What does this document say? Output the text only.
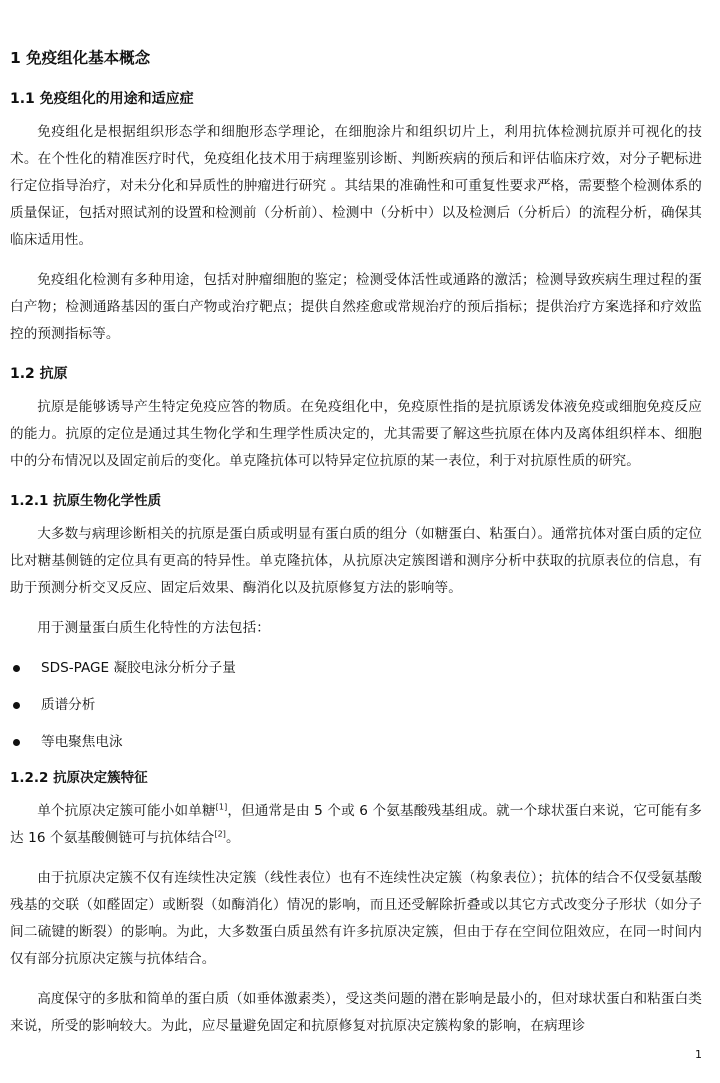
1 免疫组化基本概念
1.1 免疫组化的用途和适应症

免疫组化是根据组织形态学和细胞形态学理论，在细胞涂片和组织切片上，利用抗体检测抗原并可视化的技术。在个性化的精准医疗时代，免疫组化技术用于病理鉴别诊断、判断疾病的预后和评估临床疗效，对分子靶标进行定位指导治疗，对未分化和异质性的肿瘤进行研究 。其结果的准确性和可重复性要求严格，需要整个检测体系的质量保证，包括对照试剂的设置和检测前（分析前）、检测中（分析中）以及检测后（分析后）的流程分析，确保其临床适用性。

免疫组化检测有多种用途，包括对肿瘤细胞的鉴定；检测受体活性或通路的激活；检测导致疾病生理过程的蛋白产物；检测通路基因的蛋白产物或治疗靶点；提供自然痊愈或常规治疗的预后指标；提供治疗方案选择和疗效监控的预测指标等。

1.2 抗原

抗原是能够诱导产生特定免疫应答的物质。在免疫组化中，免疫原性指的是抗原诱发体液免疫或细胞免疫反应的能力。抗原的定位是通过其生物化学和生理学性质决定的，尤其需要了解这些抗原在体内及离体组织样本、细胞中的分布情况以及固定前后的变化。单克隆抗体可以特异定位抗原的某一表位，利于对抗原性质的研究。

1.2.1 抗原生物化学性质

大多数与病理诊断相关的抗原是蛋白质或明显有蛋白质的组分（如糖蛋白、粘蛋白）。通常抗体对蛋白质的定位比对糖基侧链的定位具有更高的特异性。单克隆抗体，从抗原决定簇图谱和测序分析中获取的抗原表位的信息，有助于预测分析交叉反应、固定后效果、酶消化以及抗原修复方法的影响等。

用于测量蛋白质生化特性的方法包括：

SDS-PAGE 凝胶电泳分析分子量
质谱分析
等电聚焦电泳
1.2.2 抗原决定簇特征

单个抗原决定簇可能小如单糖[1]，但通常是由 5 个或 6 个氨基酸残基组成。就一个球状蛋白来说，它可能有多达 16 个氨基酸侧链可与抗体结合[2]。

由于抗原决定簇不仅有连续性决定簇（线性表位）也有不连续性决定簇（构象表位）；抗体的结合不仅受氨基酸残基的交联（如醛固定）或断裂（如酶消化）情况的影响，而且还受解除折叠或以其它方式改变分子形状（如分子间二硫键的断裂）的影响。为此，大多数蛋白质虽然有许多抗原决定簇，但由于存在空间位阻效应，在同一时间内仅有部分抗原决定簇与抗体结合。

高度保守的多肽和简单的蛋白质（如垂体激素类），受这类问题的潜在影响是最小的，但对球状蛋白和粘蛋白类来说，所受的影响较大。为此，应尽量避免固定和抗原修复对抗原决定簇构象的影响，在病理诊

1
